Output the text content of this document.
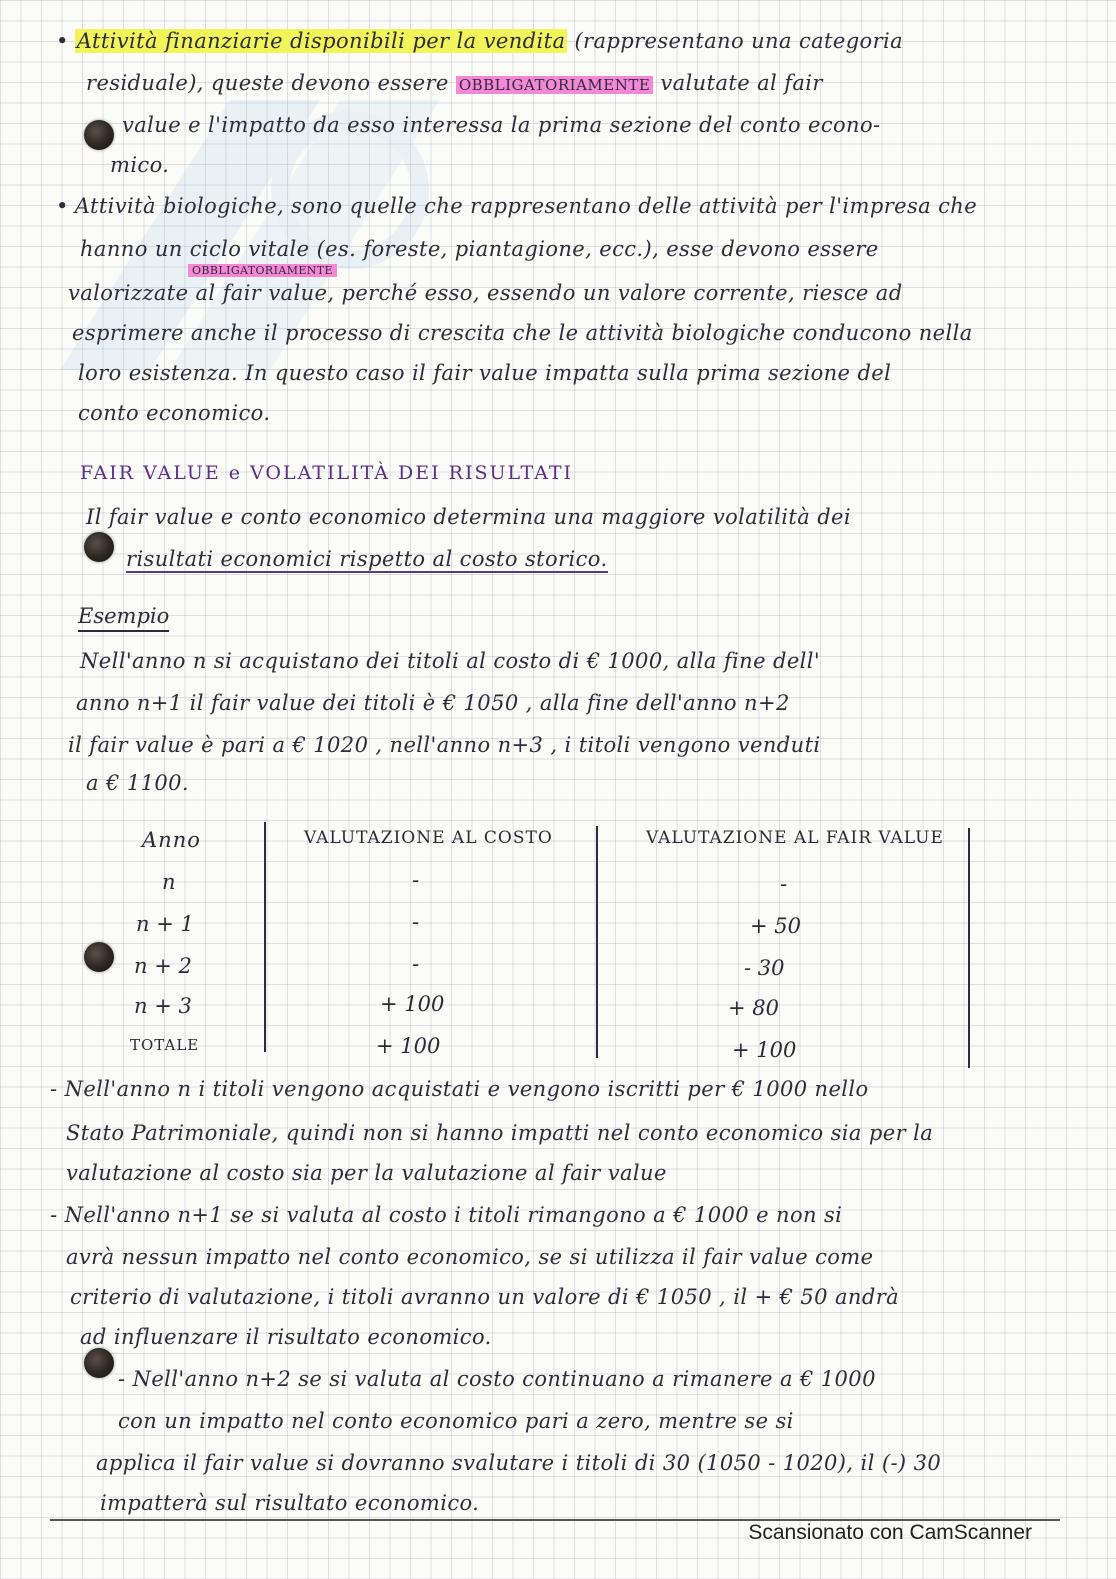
• Attività finanziarie disponibili per la vendita (rappresentano una categoria
residuale), queste devono essere OBBLIGATORIAMENTE valutate al fair
value e l'impatto da esso interessa la prima sezione del conto econo-
mico.
• Attività biologiche, sono quelle che rappresentano delle attività per l'impresa che
hanno un ciclo vitale (es. foreste, piantagione, ecc.), esse devono essere
OBBLIGATORIAMENTE
valorizzate al fair value, perché esso, essendo un valore corrente, riesce ad
esprimere anche il processo di crescita che le attività biologiche conducono nella
loro esistenza. In questo caso il fair value impatta sulla prima sezione del
conto economico.
FAIR VALUE e VOLATILITÀ DEI RISULTATI
Il fair value e conto economico determina una maggiore volatilità dei
risultati economici rispetto al costo storico.
Esempio
Nell'anno n si acquistano dei titoli al costo di € 1000, alla fine dell'
anno n+1 il fair value dei titoli è € 1050 , alla fine dell'anno n+2
il fair value è pari a € 1020 , nell'anno n+3 , i titoli vengono venduti
a € 1100.
Anno	VALUTAZIONE AL COSTO	VALUTAZIONE AL FAIR VALUE
n	-	-
n + 1	-	+ 50
n + 2	-	- 30
n + 3	+ 100	+ 80
TOTALE	+ 100	+ 100
- Nell'anno n i titoli vengono acquistati e vengono iscritti per € 1000 nello
Stato Patrimoniale, quindi non si hanno impatti nel conto economico sia per la
valutazione al costo sia per la valutazione al fair value
- Nell'anno n+1 se si valuta al costo i titoli rimangono a € 1000 e non si
avrà nessun impatto nel conto economico, se si utilizza il fair value come
criterio di valutazione, i titoli avranno un valore di € 1050 , il + € 50 andrà
ad influenzare il risultato economico.
- Nell'anno n+2 se si valuta al costo continuano a rimanere a € 1000
con un impatto nel conto economico pari a zero, mentre se si
applica il fair value si dovranno svalutare i titoli di 30 (1050 - 1020), il (-) 30
impatterà sul risultato economico.
Scansionato con CamScanner
